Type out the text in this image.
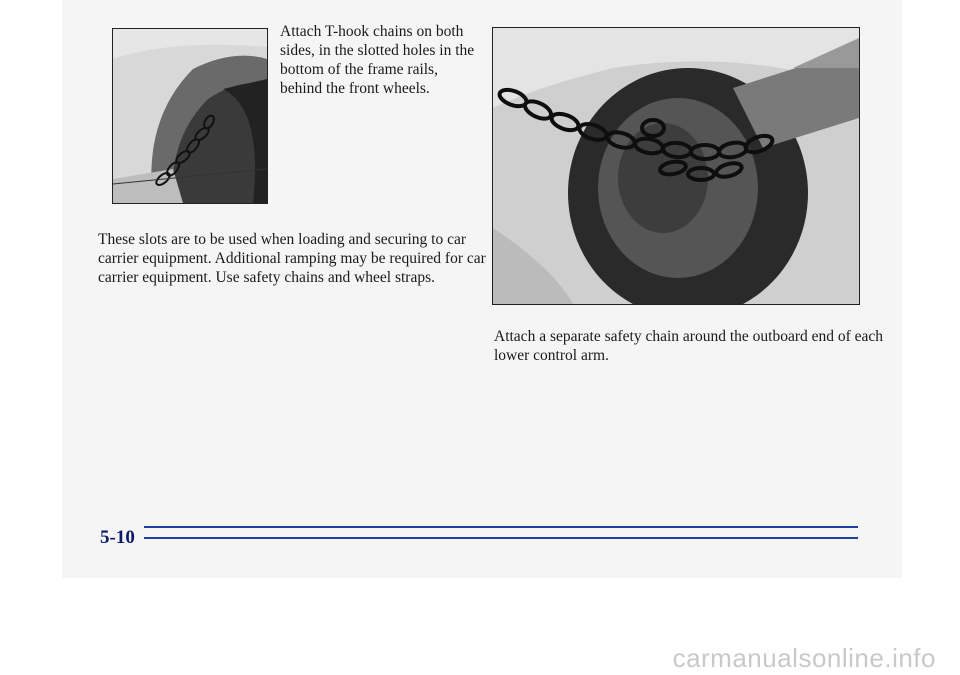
Attach T-hook chains on both sides, in the slotted holes in the bottom of the frame rails, behind the front wheels.
These slots are to be used when loading and securing to car carrier equipment. Additional ramping may be required for car carrier equipment. Use safety chains and wheel straps.
Attach a separate safety chain around the outboard end of each lower control arm.
5-10
carmanualsonline.info
